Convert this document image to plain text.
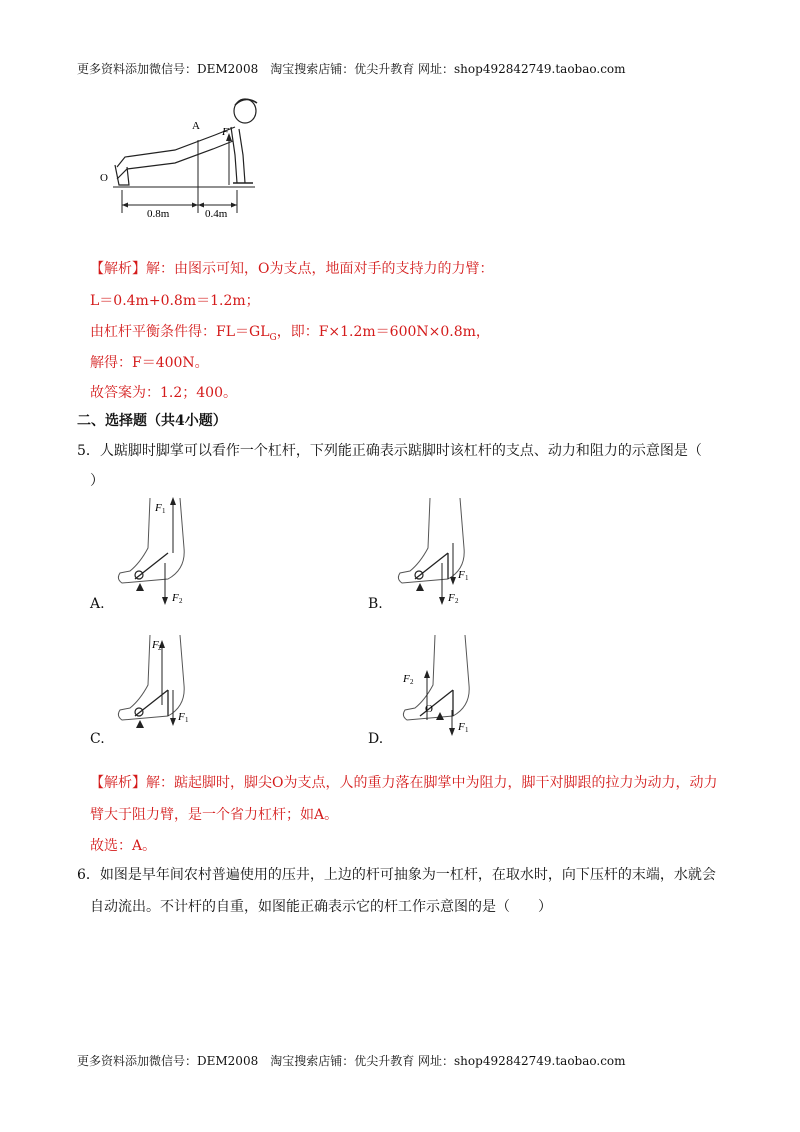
更多资料添加微信号：DEM2008　淘宝搜索店铺：优尖升教育 网址：shop492842749.taobao.com
O
A F
0.8m	0.4m
【解析】解：由图示可知，O为支点，地面对手的支持力的力臂：
L＝0.4m+0.8m＝1.2m；
由杠杆平衡条件得：$FL=GL_G$，即：F×1.2m＝600N×0.8m，
解得：F＝400N。
故答案为：1.2；400。
二、选择题（共4小题）
5．人踮脚时脚掌可以看作一个杠杆，下列能正确表示踮脚时该杠杆的支点、动力和阻力的示意图是（
）
F 1
F 2
A.
F 1
F 2
B.
F 2
F 1
C.
O
F 2
F 1
D.
【解析】解：踮起脚时，脚尖O为支点，人的重力落在脚掌中为阻力，脚干对脚跟的拉力为动力，动力
臂大于阻力臂，是一个省力杠杆；如A。
故选：A。
6．如图是早年间农村普遍使用的压井，上边的杆可抽象为一杠杆，在取水时，向下压杆的末端，水就会
自动流出。不计杆的自重，如图能正确表示它的杆工作示意图的是（　　）
更多资料添加微信号：DEM2008　淘宝搜索店铺：优尖升教育 网址：shop492842749.taobao.com
